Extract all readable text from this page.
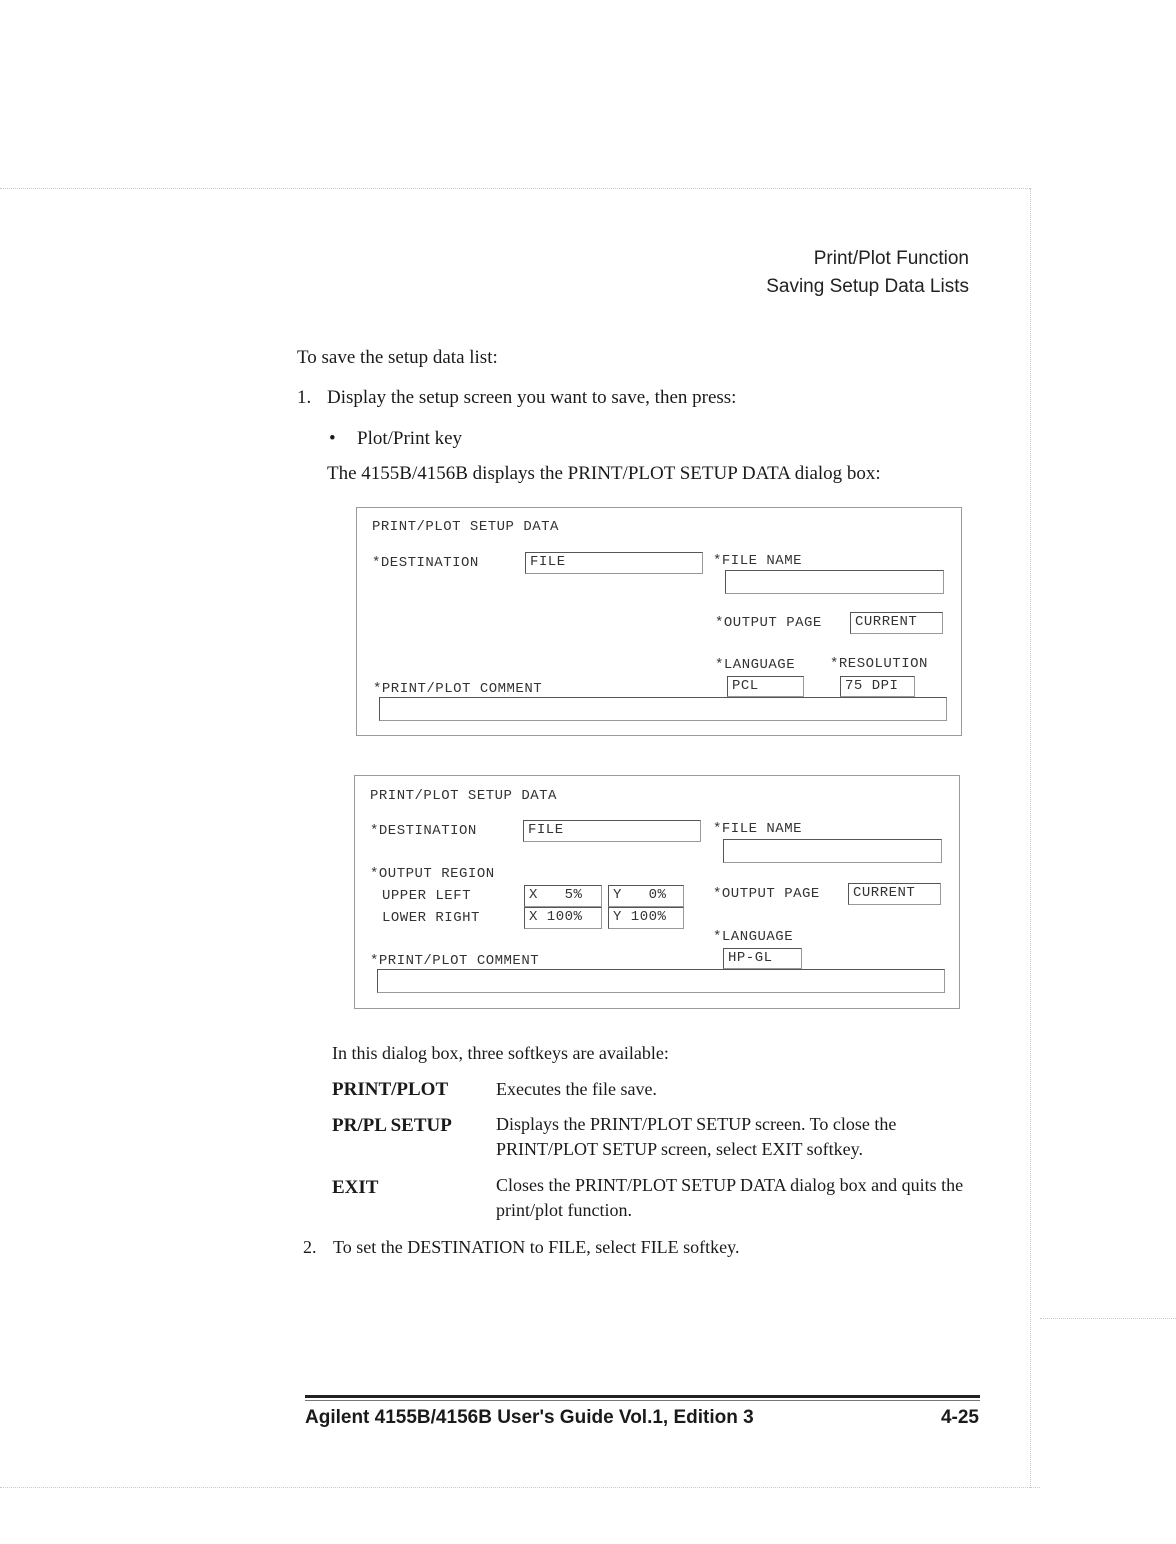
Print/Plot Function
Saving Setup Data Lists
To save the setup data list:
1. Display the setup screen you want to save, then press:
• Plot/Print key
The 4155B/4156B displays the PRINT/PLOT SETUP DATA dialog box:
PRINT/PLOT SETUP DATA
*DESTINATION	FILE	*FILE NAME
*OUTPUT PAGE	CURRENT
*LANGUAGE *RESOLUTION
PCL	75 DPI
*PRINT/PLOT COMMENT
PRINT/PLOT SETUP DATA
*DESTINATION	FILE	*FILE NAME
*OUTPUT REGION
UPPER LEFT	X   5%	Y   0%
LOWER RIGHT	X 100%	Y 100%
*OUTPUT PAGE	CURRENT
*LANGUAGE
HP-GL
*PRINT/PLOT COMMENT
In this dialog box, three softkeys are available:
PRINT/PLOT	Executes the file save.
PR/PL SETUP Displays the PRINT/PLOT SETUP screen. To close the PRINT/PLOT SETUP screen, select EXIT softkey.
EXIT	Closes the PRINT/PLOT SETUP DATA dialog box and quits the print/plot function.
2. To set the DESTINATION to FILE, select FILE softkey.
Agilent 4155B/4156B User's Guide Vol.1, Edition 3	4-25
